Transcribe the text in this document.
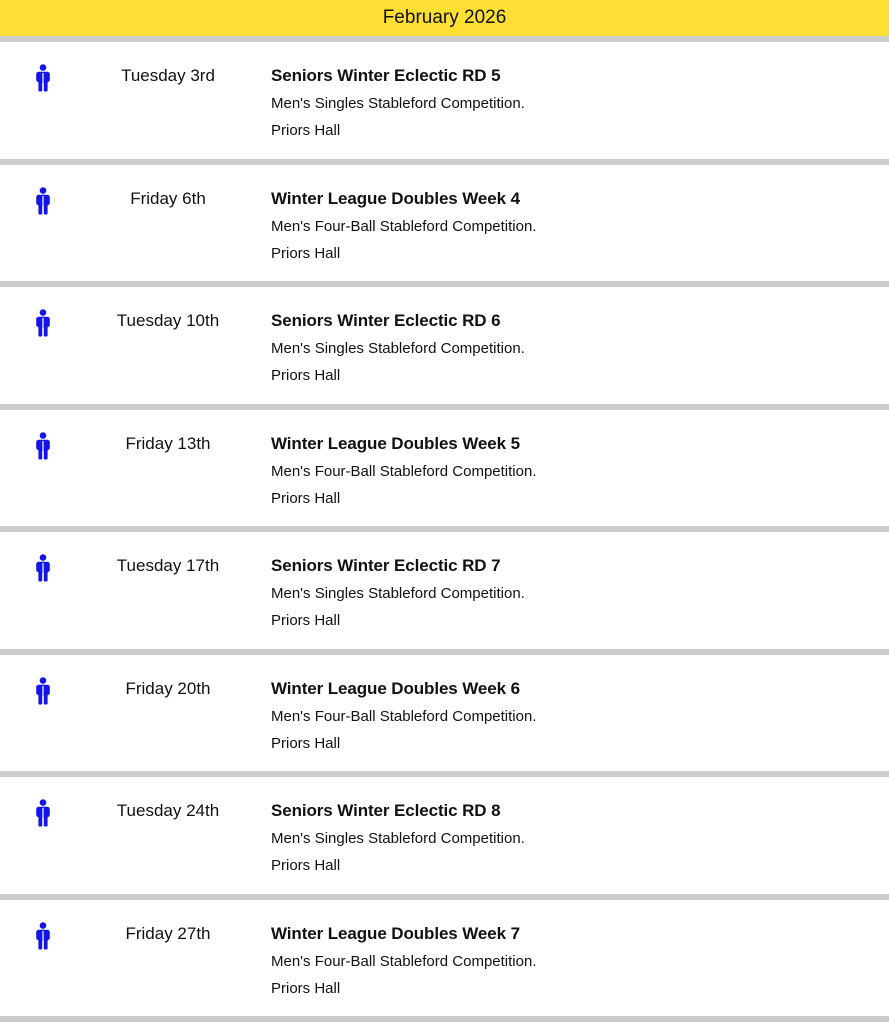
February 2026
Tuesday 3rd	Seniors Winter Eclectic RD 5
Men's Singles Stableford Competition.
Priors Hall
Friday 6th	Winter League Doubles Week 4
Men's Four-Ball Stableford Competition.
Priors Hall
Tuesday 10th	Seniors Winter Eclectic RD 6
Men's Singles Stableford Competition.
Priors Hall
Friday 13th	Winter League Doubles Week 5
Men's Four-Ball Stableford Competition.
Priors Hall
Tuesday 17th	Seniors Winter Eclectic RD 7
Men's Singles Stableford Competition.
Priors Hall
Friday 20th	Winter League Doubles Week 6
Men's Four-Ball Stableford Competition.
Priors Hall
Tuesday 24th	Seniors Winter Eclectic RD 8
Men's Singles Stableford Competition.
Priors Hall
Friday 27th	Winter League Doubles Week 7
Men's Four-Ball Stableford Competition.
Priors Hall
